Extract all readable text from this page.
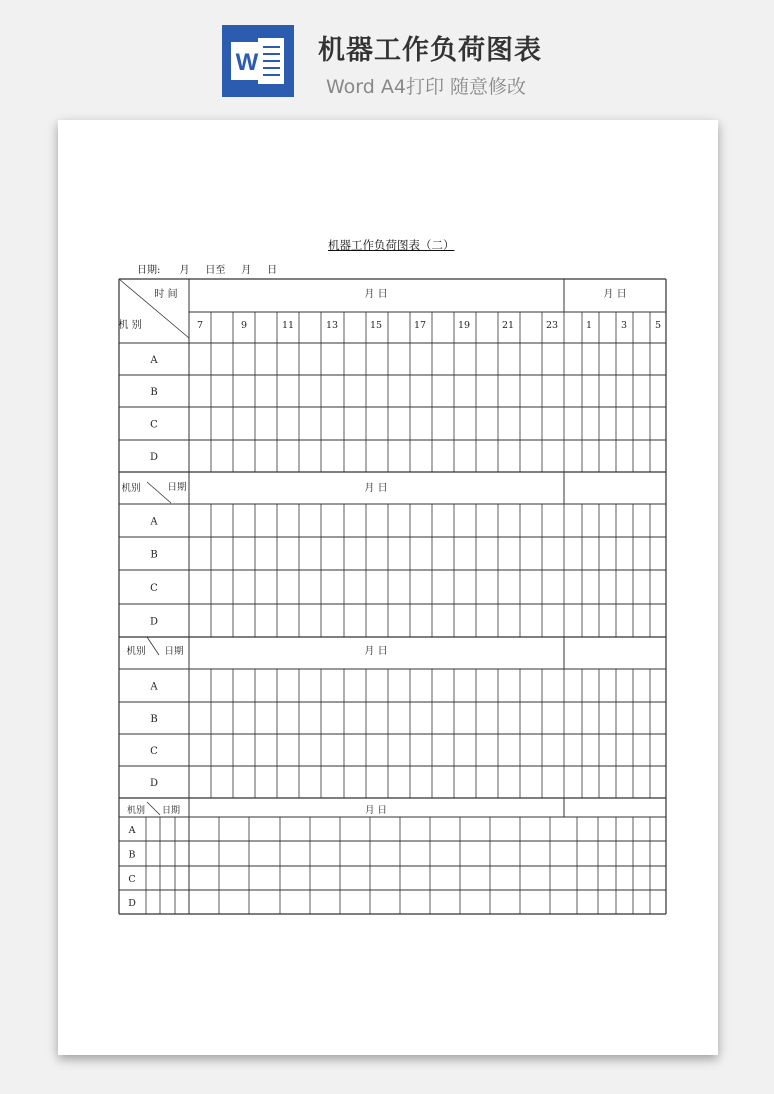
W 机器工作负荷图表
Word A4打印 随意修改
机器工作负荷图表（二）
日期:      月     日至     月     日
时 间
机 别
月 日	月 日
7	9	11	13	15	17	19	21	23	1	3	5
A
B
C
D
机别	日期	月 日
A
B
C
D
机别 日期	月 日
A
B
C
D
机别 日期	月 日
A
B
C
D
